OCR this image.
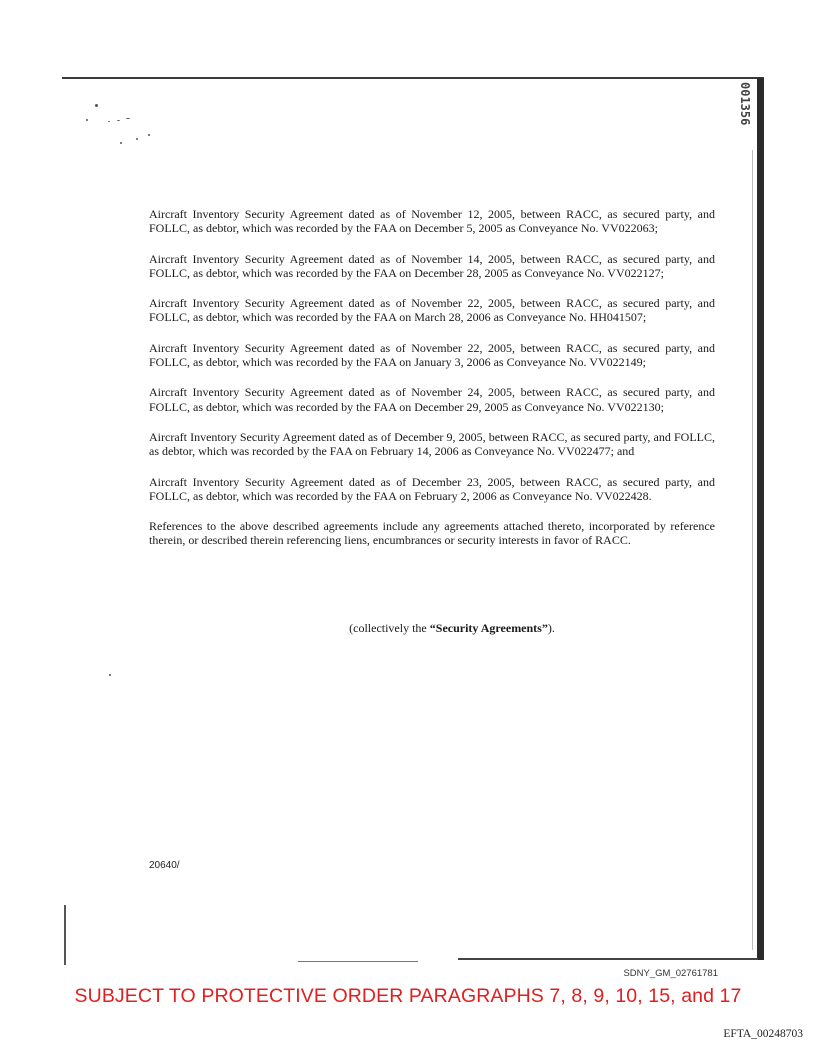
001356

Aircraft Inventory Security Agreement dated as of November 12, 2005, between RACC, as secured party, and FOLLC, as debtor, which was recorded by the FAA on December 5, 2005 as Conveyance No. VV022063;

Aircraft Inventory Security Agreement dated as of November 14, 2005, between RACC, as secured party, and FOLLC, as debtor, which was recorded by the FAA on December 28, 2005 as Conveyance No. VV022127;

Aircraft Inventory Security Agreement dated as of November 22, 2005, between RACC, as secured party, and FOLLC, as debtor, which was recorded by the FAA on March 28, 2006 as Conveyance No. HH041507;

Aircraft Inventory Security Agreement dated as of November 22, 2005, between RACC, as secured party, and FOLLC, as debtor, which was recorded by the FAA on January 3, 2006 as Conveyance No. VV022149;

Aircraft Inventory Security Agreement dated as of November 24, 2005, between RACC, as secured party, and FOLLC, as debtor, which was recorded by the FAA on December 29, 2005 as Conveyance No. VV022130;

Aircraft Inventory Security Agreement dated as of December 9, 2005, between RACC, as secured party, and FOLLC, as debtor, which was recorded by the FAA on February 14, 2006 as Conveyance No. VV022477; and

Aircraft Inventory Security Agreement dated as of December 23, 2005, between RACC, as secured party, and FOLLC, as debtor, which was recorded by the FAA on February 2, 2006 as Conveyance No. VV022428.

References to the above described agreements include any agreements attached thereto, incorporated by reference therein, or described therein referencing liens, encumbrances or security interests in favor of RACC.

(collectively the “Security Agreements”).
20640/
SDNY_GM_02761781
SUBJECT TO PROTECTIVE ORDER PARAGRAPHS 7, 8, 9, 10, 15, and 17
EFTA_00248703
